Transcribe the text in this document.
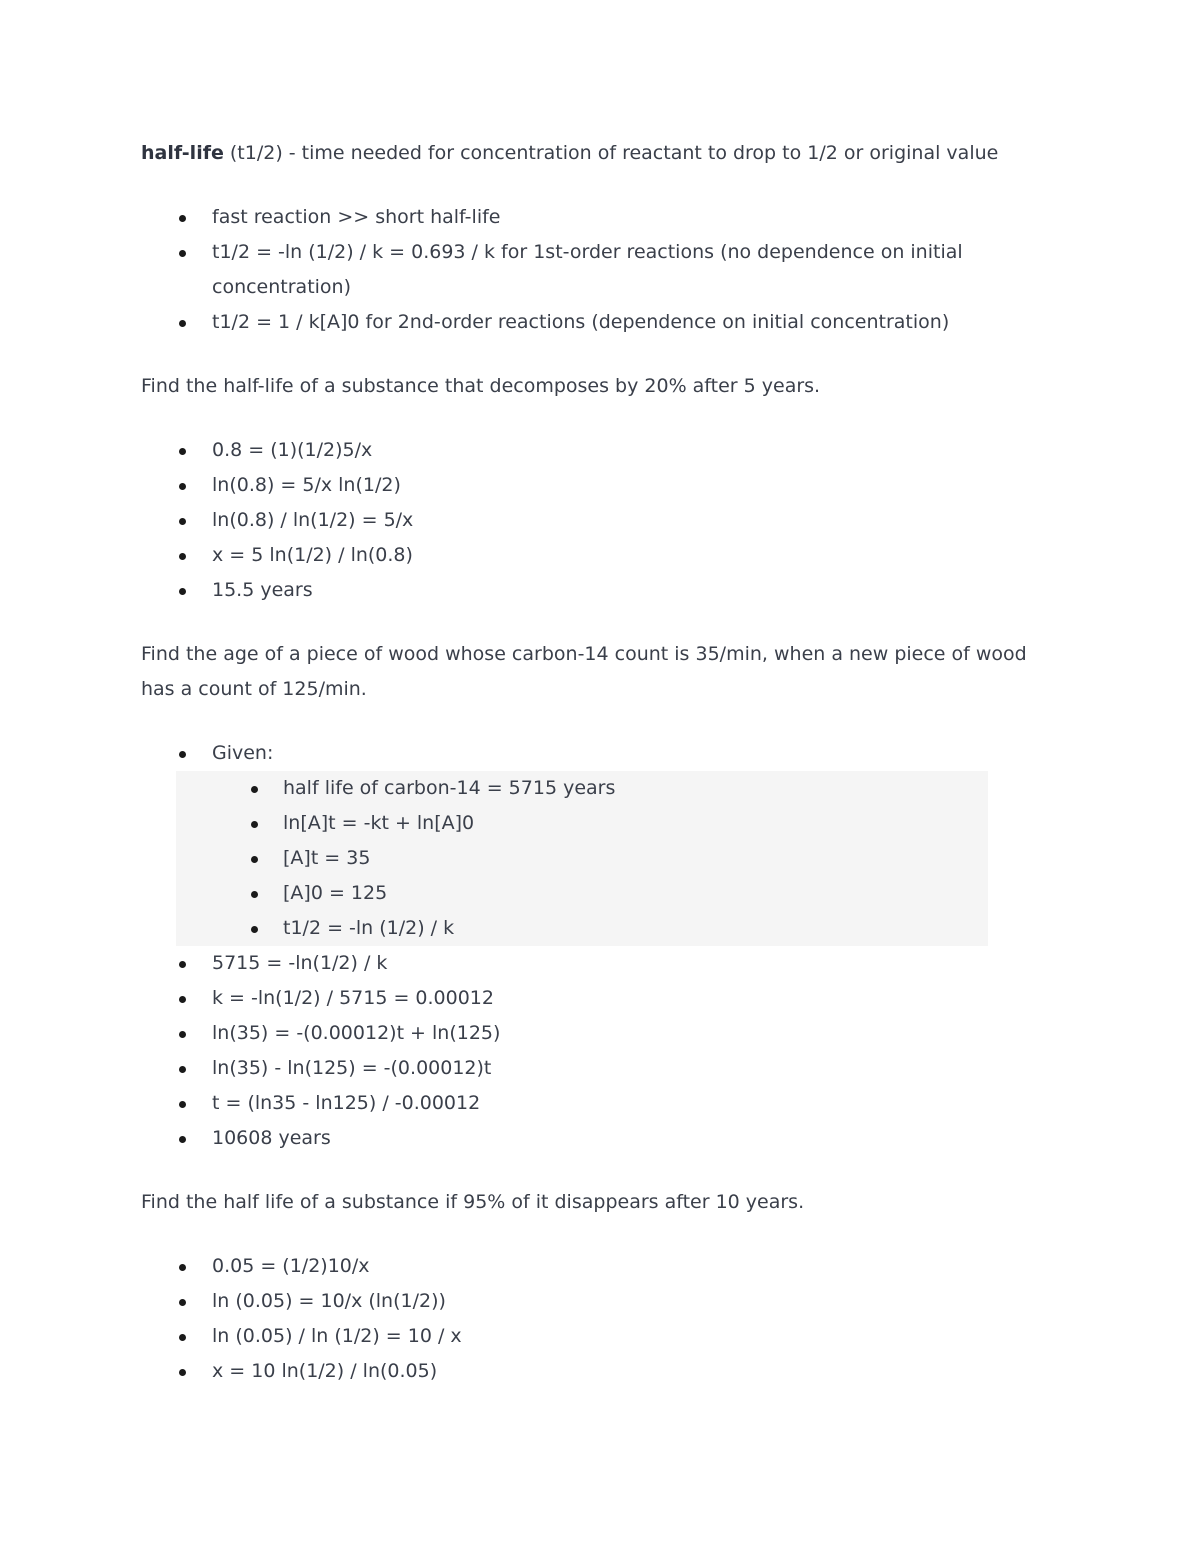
half-life (t1/2) - time needed for concentration of reactant to drop to 1/2 or original value

fast reaction >> short half-life
t1/2 = -ln (1/2) / k = 0.693 / k for 1st-order reactions (no dependence on initial concentration)
t1/2 = 1 / k[A]0 for 2nd-order reactions (dependence on initial concentration)

Find the half-life of a substance that decomposes by 20% after 5 years.

0.8 = (1)(1/2)5/x
ln(0.8) = 5/x ln(1/2)
ln(0.8) / ln(1/2) = 5/x
x = 5 ln(1/2) / ln(0.8)
15.5 years

Find the age of a piece of wood whose carbon-14 count is 35/min, when a new piece of wood has a count of 125/min.

Given:
half life of carbon-14 = 5715 years
ln[A]t = -kt + ln[A]0
[A]t = 35
[A]0 = 125
t1/2 = -ln (1/2) / k
5715 = -ln(1/2) / k
k = -ln(1/2) / 5715 = 0.00012
ln(35) = -(0.00012)t + ln(125)
ln(35) - ln(125) = -(0.00012)t
t = (ln35 - ln125) / -0.00012
10608 years

Find the half life of a substance if 95% of it disappears after 10 years.

0.05 = (1/2)10/x
ln (0.05) = 10/x (ln(1/2))
ln (0.05) / ln (1/2) = 10 / x
x = 10 ln(1/2) / ln(0.05)
